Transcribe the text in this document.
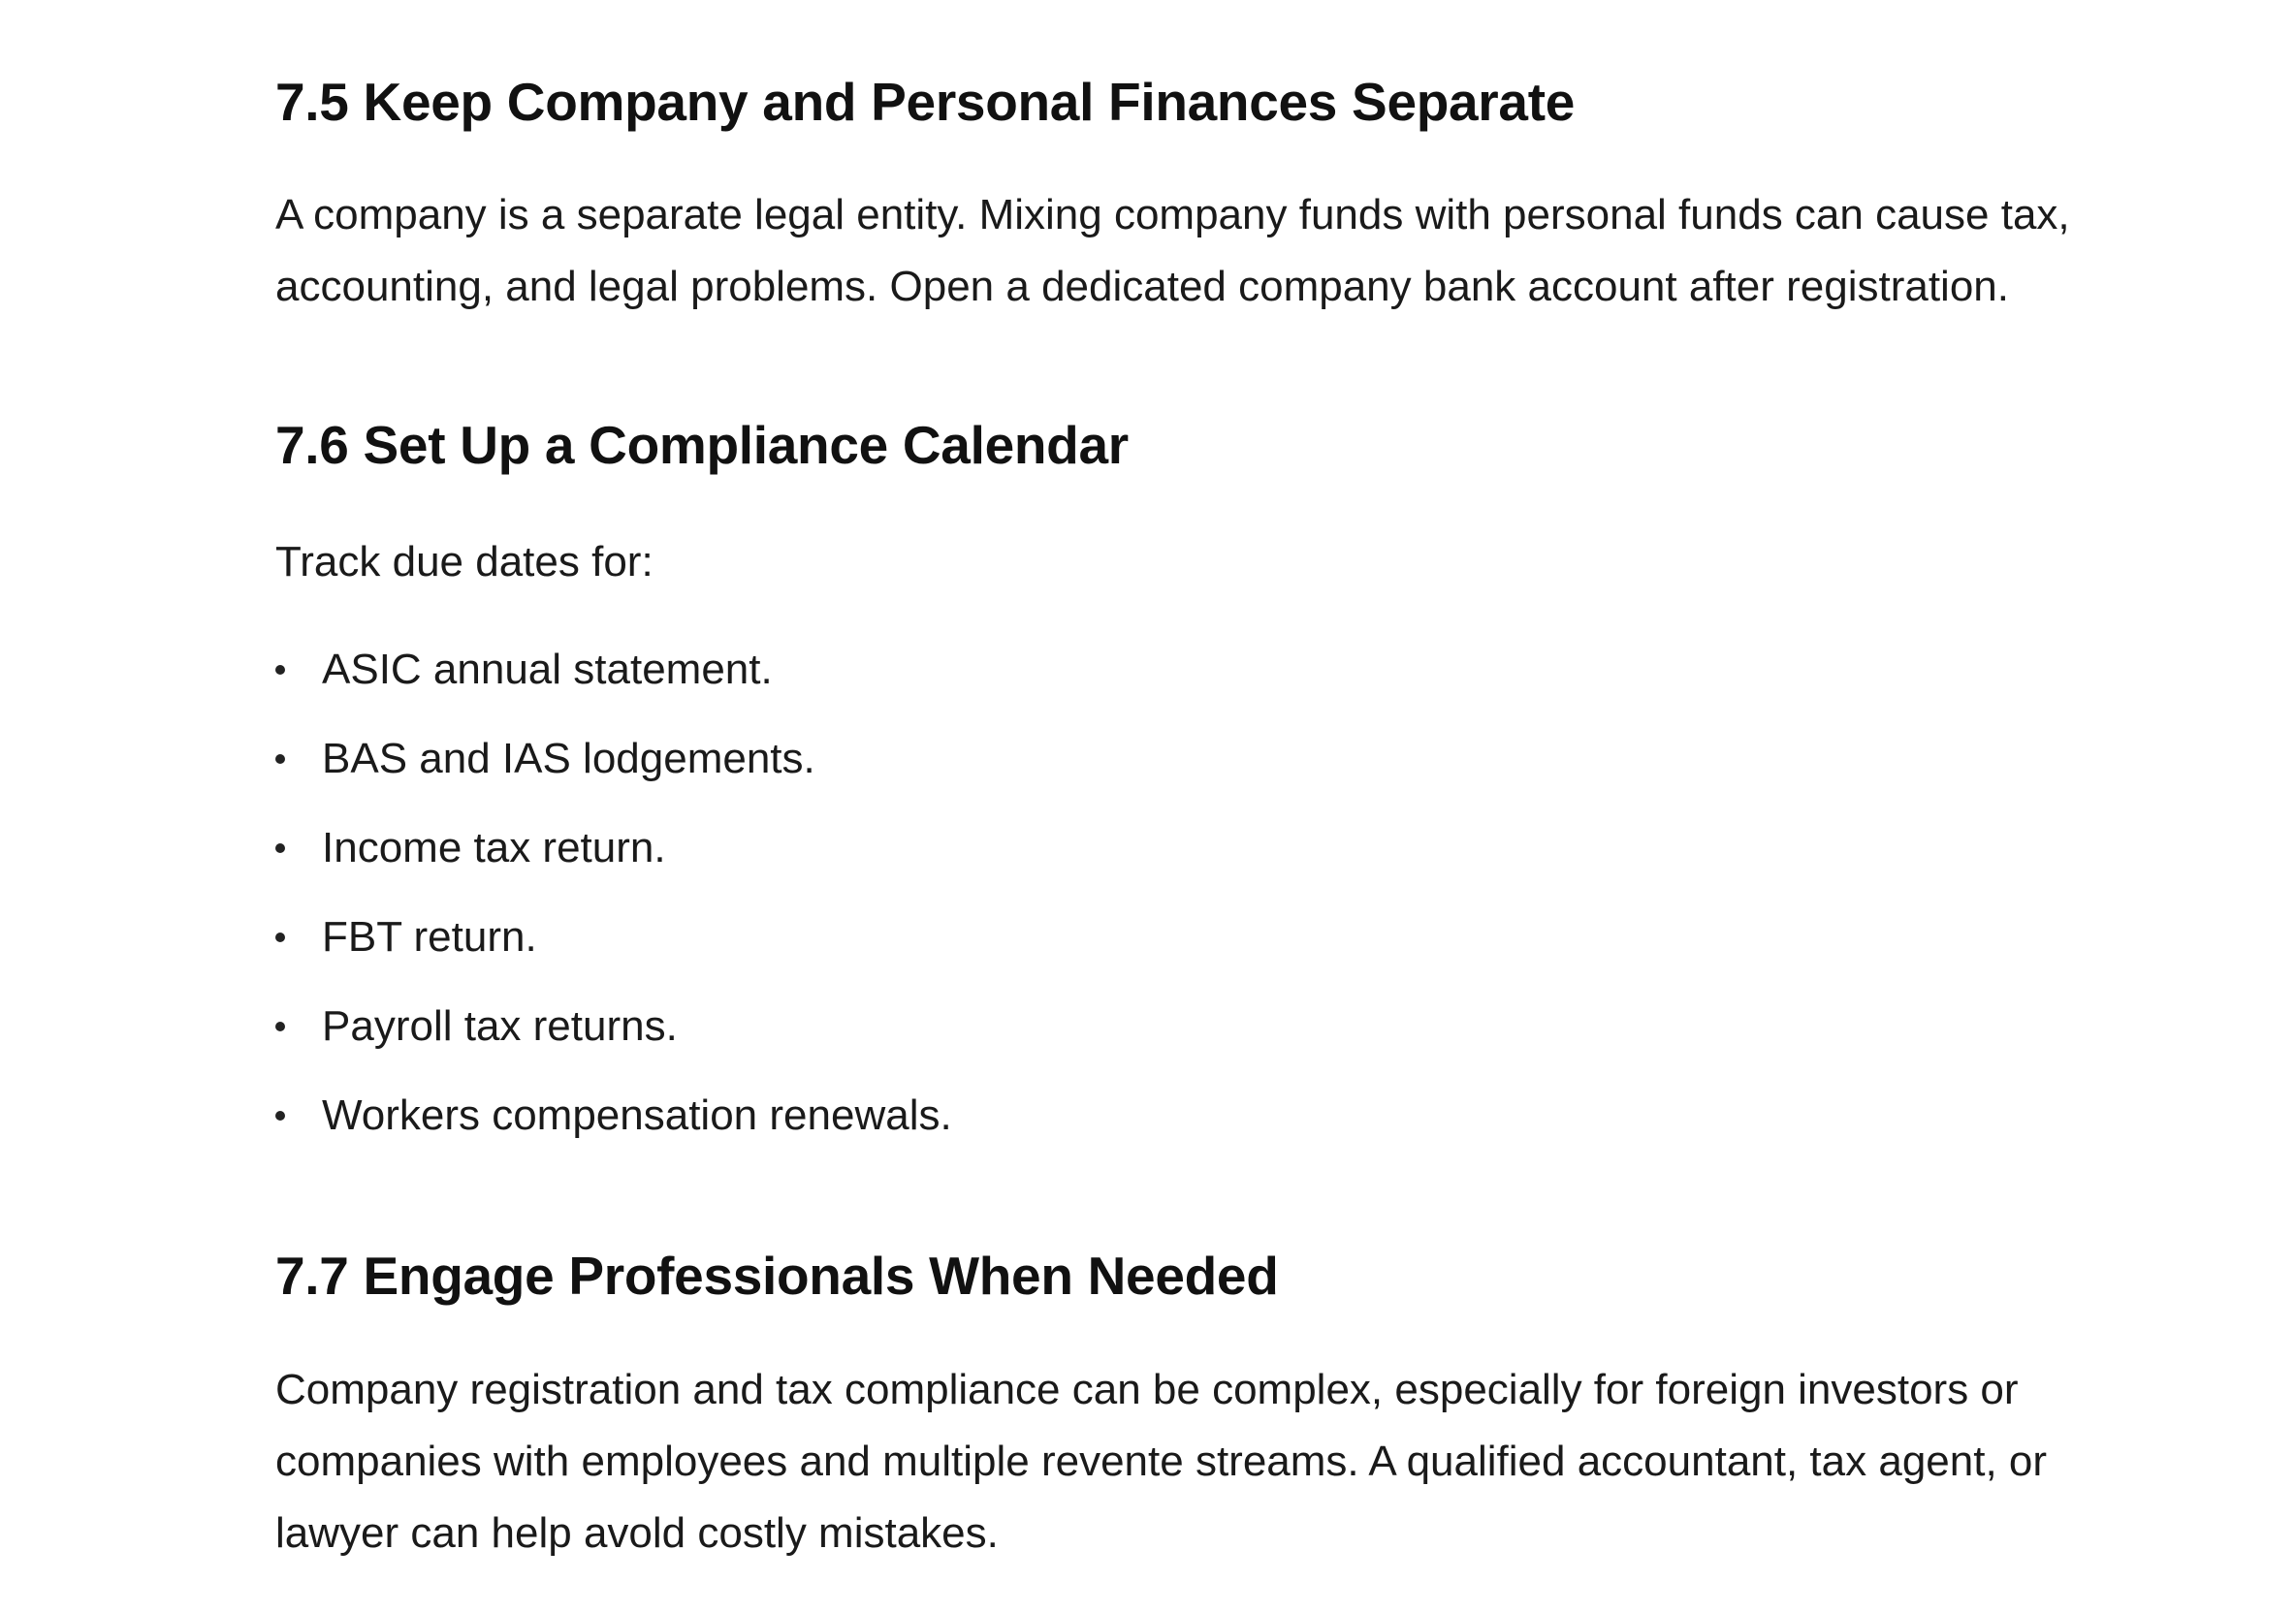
7.5 Keep Company and Personal Finances Separate

A company is a separate legal entity. Mixing company funds with personal funds can cause tax, accounting, and legal problems. Open a dedicated company bank account after registration.

7.6 Set Up a Compliance Calendar

Track due dates for:

ASIC annual statement.
BAS and IAS lodgements.
Income tax return.
FBT return.
Payroll tax returns.
Workers compensation renewals.
7.7 Engage Professionals When Needed

Company registration and tax compliance can be complex, especially for foreign investors or companies with employees and multiple revente streams. A qualified accountant, tax agent, or lawyer can help avold costly mistakes.
